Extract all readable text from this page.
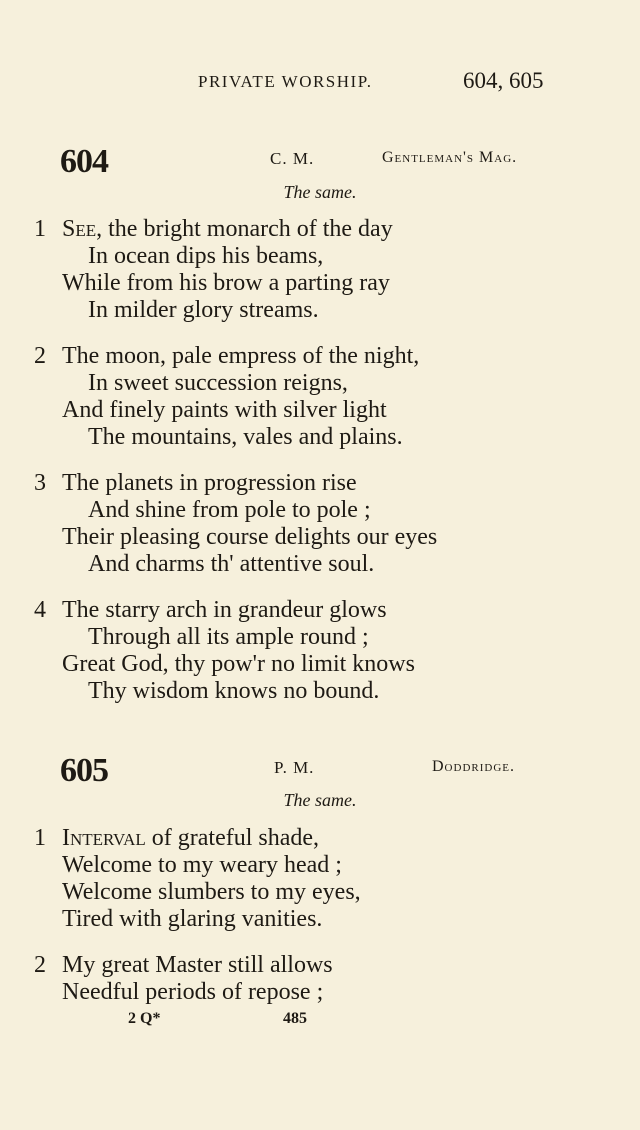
PRIVATE WORSHIP.	604, 605
604	C. M.	Gentleman's Mag.
The same.
1 See, the bright monarch of the day
In ocean dips his beams,
While from his brow a parting ray
In milder glory streams.
2 The moon, pale empress of the night,
In sweet succession reigns,
And finely paints with silver light
The mountains, vales and plains.
3 The planets in progression rise
And shine from pole to pole ;
Their pleasing course delights our eyes
And charms th' attentive soul.
4 The starry arch in grandeur glows
Through all its ample round ;
Great God, thy pow'r no limit knows
Thy wisdom knows no bound.
605	P. M.	Doddridge.
The same.
1 Interval of grateful shade,
Welcome to my weary head ;
Welcome slumbers to my eyes,
Tired with glaring vanities.
2 My great Master still allows
Needful periods of repose ;
2 Q*	485
